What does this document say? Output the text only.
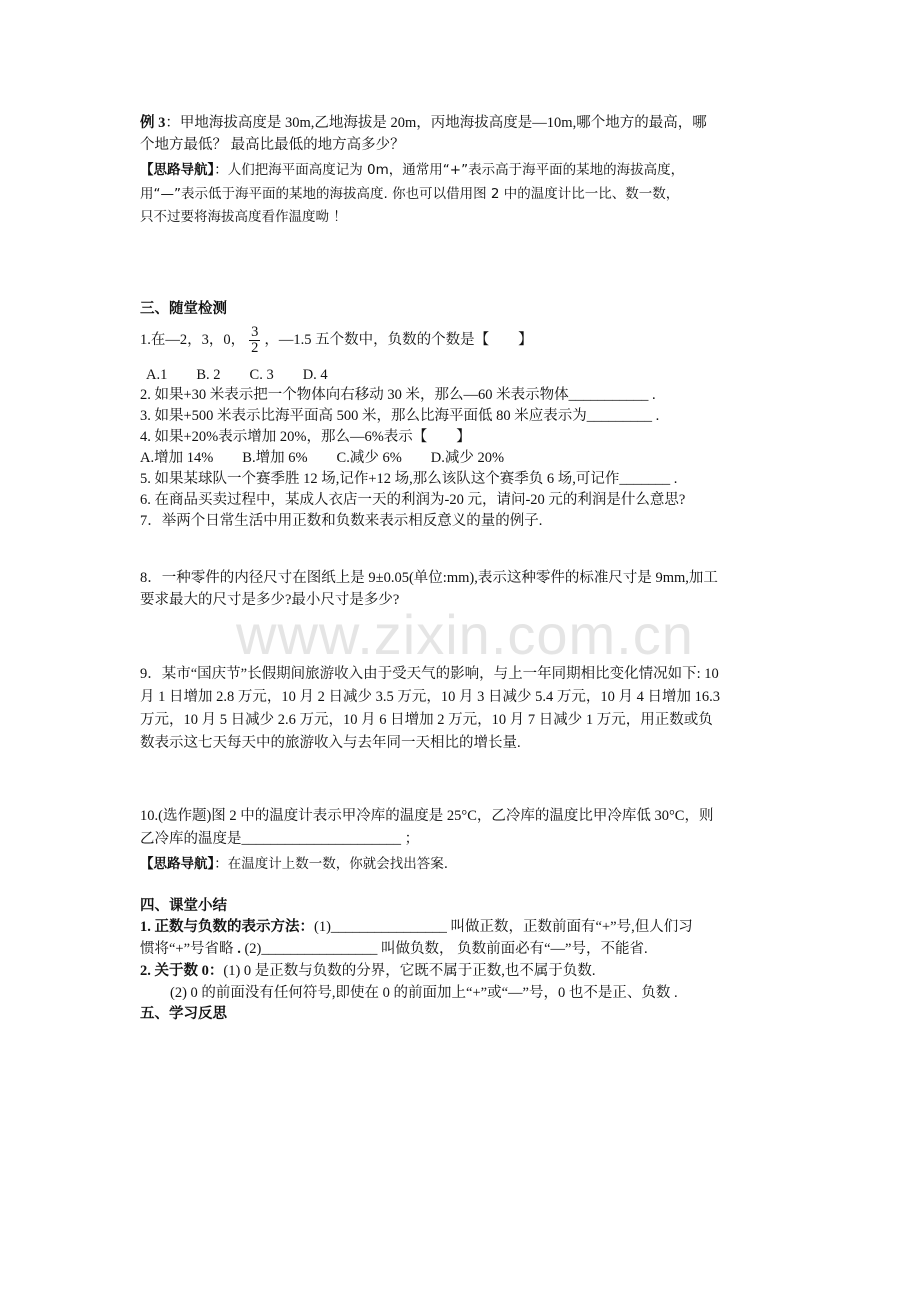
例 3：甲地海拔高度是 30m,乙地海拔是 20m，丙地海拔高度是—10m,哪个地方的最高，哪
个地方最低？ 最高比最低的地方高多少？
【思路导航】：人们把海平面高度记为 0m，通常用“+”表示高于海平面的某地的海拔高度，
用“—”表示低于海平面的某地的海拔高度. 你也可以借用图 2 中的温度计比一比、数一数，
只不过要将海拔高度看作温度呦 ！
三、随堂检测
1.在—2，3，0， $\frac{3}{2}$ ，—1.5 五个数中，负数的个数是【　　】
A.1　　B. 2　　C. 3　　D. 4
2. 如果+30 米表示把一个物体向右移动 30 米，那么—60 米表示物体___________ .
3. 如果+500 米表示比海平面高 500 米，那么比海平面低 80 米应表示为_________ .
4. 如果+20%表示增加 20%，那么—6%表示【　　】
A.增加 14%　　B.增加 6%　　C.减少 6%　　D.减少 20%
5. 如果某球队一个赛季胜 12 场,记作+12 场,那么该队这个赛季负 6 场,可记作_______ .
6. 在商品买卖过程中，某成人衣店一天的利润为-20 元，请问-20 元的利润是什么意思?
7．举两个日常生活中用正数和负数来表示相反意义的量的例子.
8．一种零件的内径尺寸在图纸上是 9±0.05(单位:mm),表示这种零件的标准尺寸是 9mm,加工
要求最大的尺寸是多少?最小尺寸是多少?
www.zixin.com.cn
9．某市“国庆节”长假期间旅游收入由于受天气的影响，与上一年同期相比变化情况如下: 10
月 1 日增加 2.8 万元，10 月 2 日减少 3.5 万元，10 月 3 日减少 5.4 万元，10 月 4 日增加 16.3
万元，10 月 5 日减少 2.6 万元，10 月 6 日增加 2 万元，10 月 7 日减少 1 万元，用正数或负
数表示这七天每天中的旅游收入与去年同一天相比的增长量.
10.(选作题)图 2 中的温度计表示甲冷库的温度是 25°C，乙冷库的温度比甲冷库低 30°C，则
乙冷库的温度是______________________ ；
【思路导航】：在温度计上数一数，你就会找出答案.
四、课堂小结
1. 正数与负数的表示方法：(1)________________ 叫做正数，正数前面有“+”号,但人们习
惯将“+”号省略 . (2)________________ 叫做负数， 负数前面必有“—”号，不能省.
2. 关于数 0：(1) 0 是正数与负数的分界，它既不属于正数,也不属于负数.
(2) 0 的前面没有任何符号,即使在 0 的前面加上“+”或“—”号，0 也不是正、负数 .
五、学习反思
